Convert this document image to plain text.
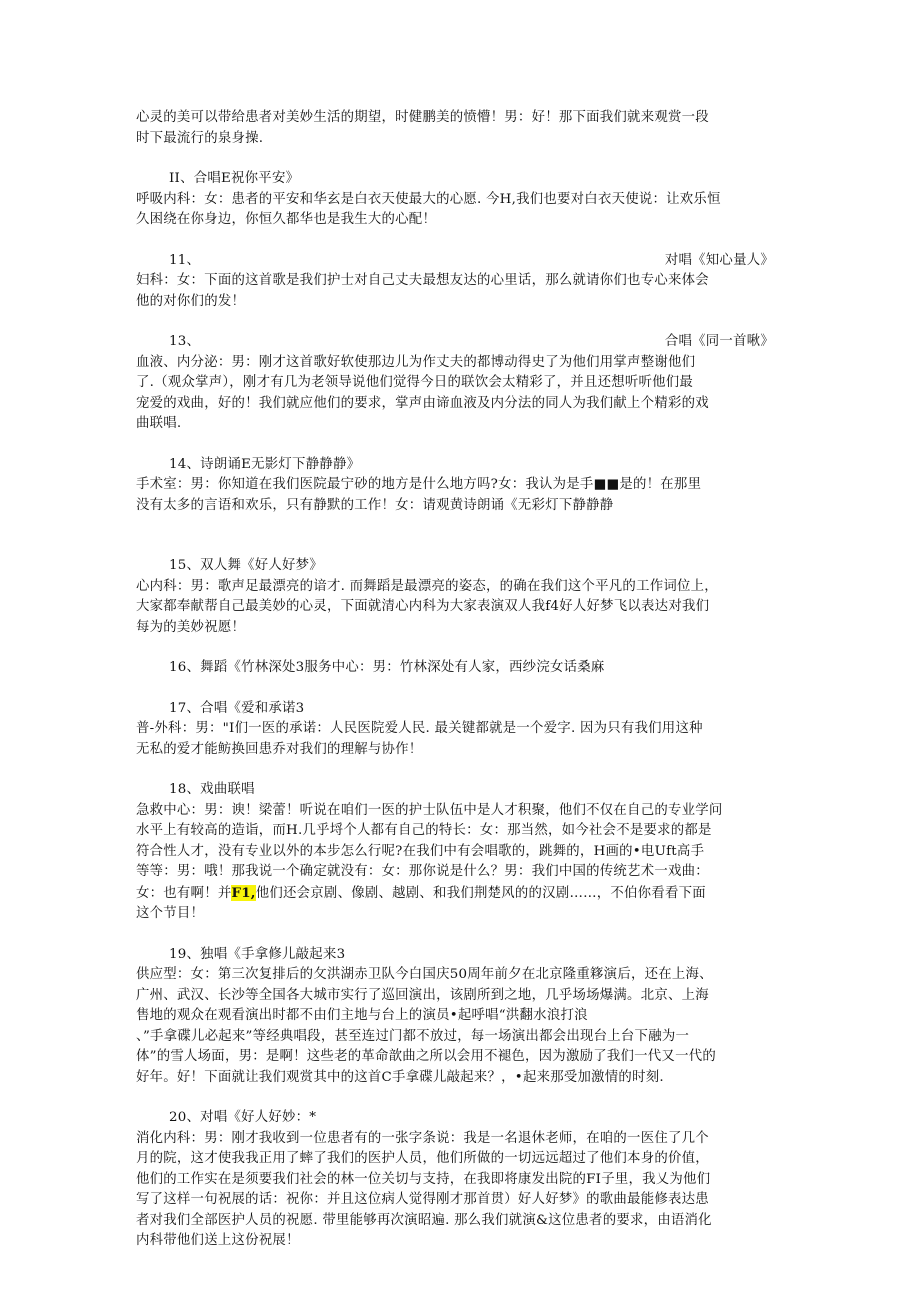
心灵的美可以带给患者对美妙生活的期望，时健鹏美的愤懵！男：好！那下面我们就来观赏一段
时下最流行的泉身操.
II、合唱E祝你平安》
呼吸内科：女：患者的平安和华玄是白衣天使最大的心愿. 今H,我们也要对白衣天使说：让欢乐恒
久困绕在你身边，你恒久都华也是我生大的心配！
11、	对唱《知心量人》
妇科：女：下面的这首歌是我们护士对自己丈夫最想友达的心里话，那么就请你们也专心来体会
他的对你们的发！
13、	合唱《同一首啾》
血液、内分泌：男：刚才这首歌好软使那边儿为作丈夫的都博动得史了为他们用掌声整谢他们
了.（观众掌声），刚才有几为老领导说他们觉得今日的联饮会太精彩了，并且还想听听他们最
宠爱的戏曲，好的！我们就应他们的要求，掌声由谛血液及内分法的同人为我们献上个精彩的戏
曲联唱.
14、诗朗诵E无影灯下静静静》
手术室：男：你知道在我们医院最宁砂的地方是什么地方吗?女：我认为是手■■是的！在那里
没有太多的言语和欢乐，只有静默的工作！女：请观黄诗朗诵《无彩灯下静静静
15、双人舞《好人好梦》
心内科：男：歌声足最漂亮的谙才. 而舞蹈是最漂亮的姿态，的确在我们这个平凡的工作词位上，
大家都奉献帮自己最美妙的心灵，下面就清心内科为大家表演双人我f4好人好梦飞以表达对我们
每为的美妙祝愿！
16、舞蹈《竹林深处3服务中心：男：竹林深处有人家，西纱浣女话桑麻
17、合唱《爱和承诺3
普-外科：男："I们一医的承诺：人民医院爱人民. 最关键都就是一个爱字. 因为只有我们用这种
无私的爱才能鲂换回患乔对我们的理解与协作！
18、戏曲联唱
急救中心：男：谀！梁蕾！听说在咱们一医的护士队伍中是人才积聚，他们不仅在自己的专业学问
水平上有较高的造诣，而H.几乎埒个人都有自己的特长：女：那当然，如今社会不是要求的都是
符合性人才，没有专业以外的本步怎么行呢?在我们中有会唱歌的，跳舞的，H画的•电Uft高手
等等：男：哦！那我说一个确定就没有：女：那你说是什么？男：我们中国的传统艺术一戏曲：
女：也有啊！并F1,他们还会京剧、像剧、越剧、和我们荆楚风的的汉剧……，不伯你看看下面
这个节目！
19、独唱《手拿修儿敲起来3
供应型：女：第三次复排后的攵洪湖赤卫队今白国庆50周年前夕在北京隆重簃演后，还在上海、
广州、武汉、长沙等全国各大城市实行了巡回演出，该剧所到之地，几乎场场爆满。北京、上海
售地的观众在观看演出时都不由们主地与台上的演员•起呼唱“洪翻水浪打浪
、”手拿碟儿必起来”等经典唱段，甚至连过门都不放过，每一场演出都会出现台上台下融为一
体”的雪人场面，男：是啊！这些老的革命歆曲之所以会用不褪色，因为激励了我们一代又一代的
好年。好！下面就让我们观赏其中的这首C手拿碟儿敲起来？，•起来那受加激情的时刻.
20、对唱《好人好妙：*
消化内科：男：刚才我收到一位患者有的一张字条说：我是一名退休老师，在咱的一医住了几个
月的院，这才使我我正用了蟀了我们的医护人员，他们所做的一切远远超过了他们本身的价值，
他们的工作实在是须要我们社会的林一位关切与支持，在我即将康发出院的FI子里，我乂为他们
写了这样一句祝展的话：祝你：并且这位病人觉得刚才那首贯）好人好梦》的歌曲最能修表达患
者对我们全部医护人员的祝愿. 带里能够再次演昭遍. 那么我们就演&这位患者的要求，由语消化
内科带他们送上这份祝展！
